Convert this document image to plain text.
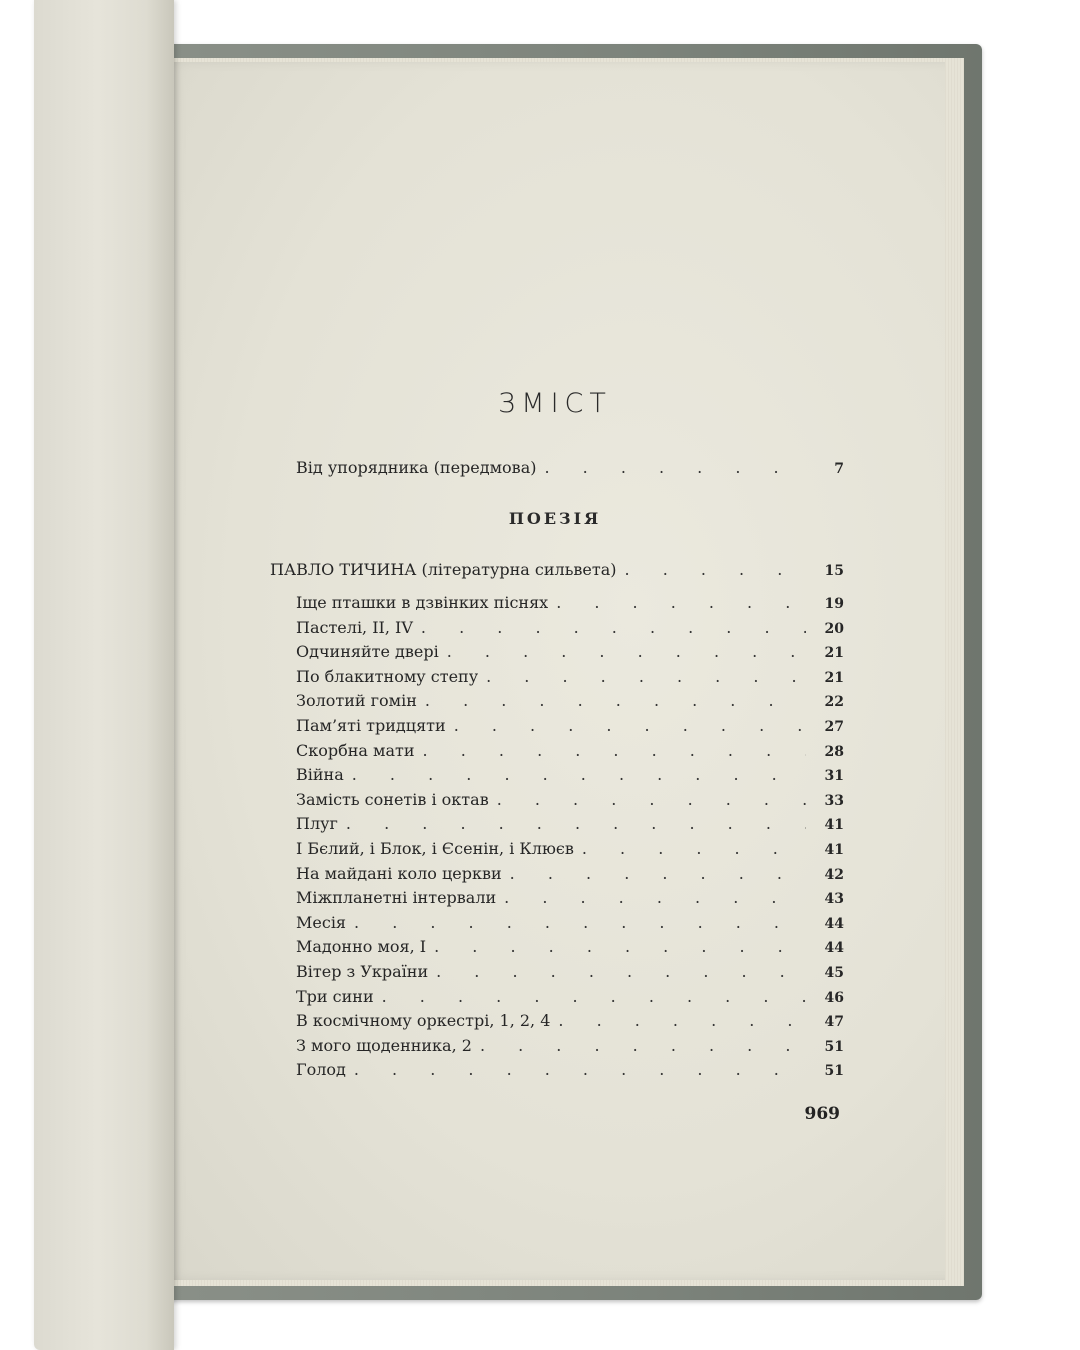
ЗМІСТ
Від упорядника (передмова) . . .	7
ПОЕЗІЯ
ПАВЛО ТИЧИНА (літературна сильвета) . . .	15
Іще пташки в дзвінких піснях . . .	19
Пастелі, II, IV . . .	20
Одчиняйте двері . . .	21
По блакитному степу . . .	21
Золотий гомін . . .	22
Пам’яті тридцяти . . .	27
Скорбна мати . . .	28
Війна . . .	31
Замість сонетів і октав . . .	33
Плуг . . .	41
І Бєлий, і Блок, і Єсенін, і Клюєв . . .	41
На майдані коло церкви . . .	42
Міжпланетні інтервали . . .	43
Месія . . .	44
Мадонно моя, I . . .	44
Вітер з України . . .	45
Три сини . . .	46
В космічному оркестрі, 1, 2, 4 . . .	47
З мого щоденника, 2 . . .	51
Голод . . .	51
969
